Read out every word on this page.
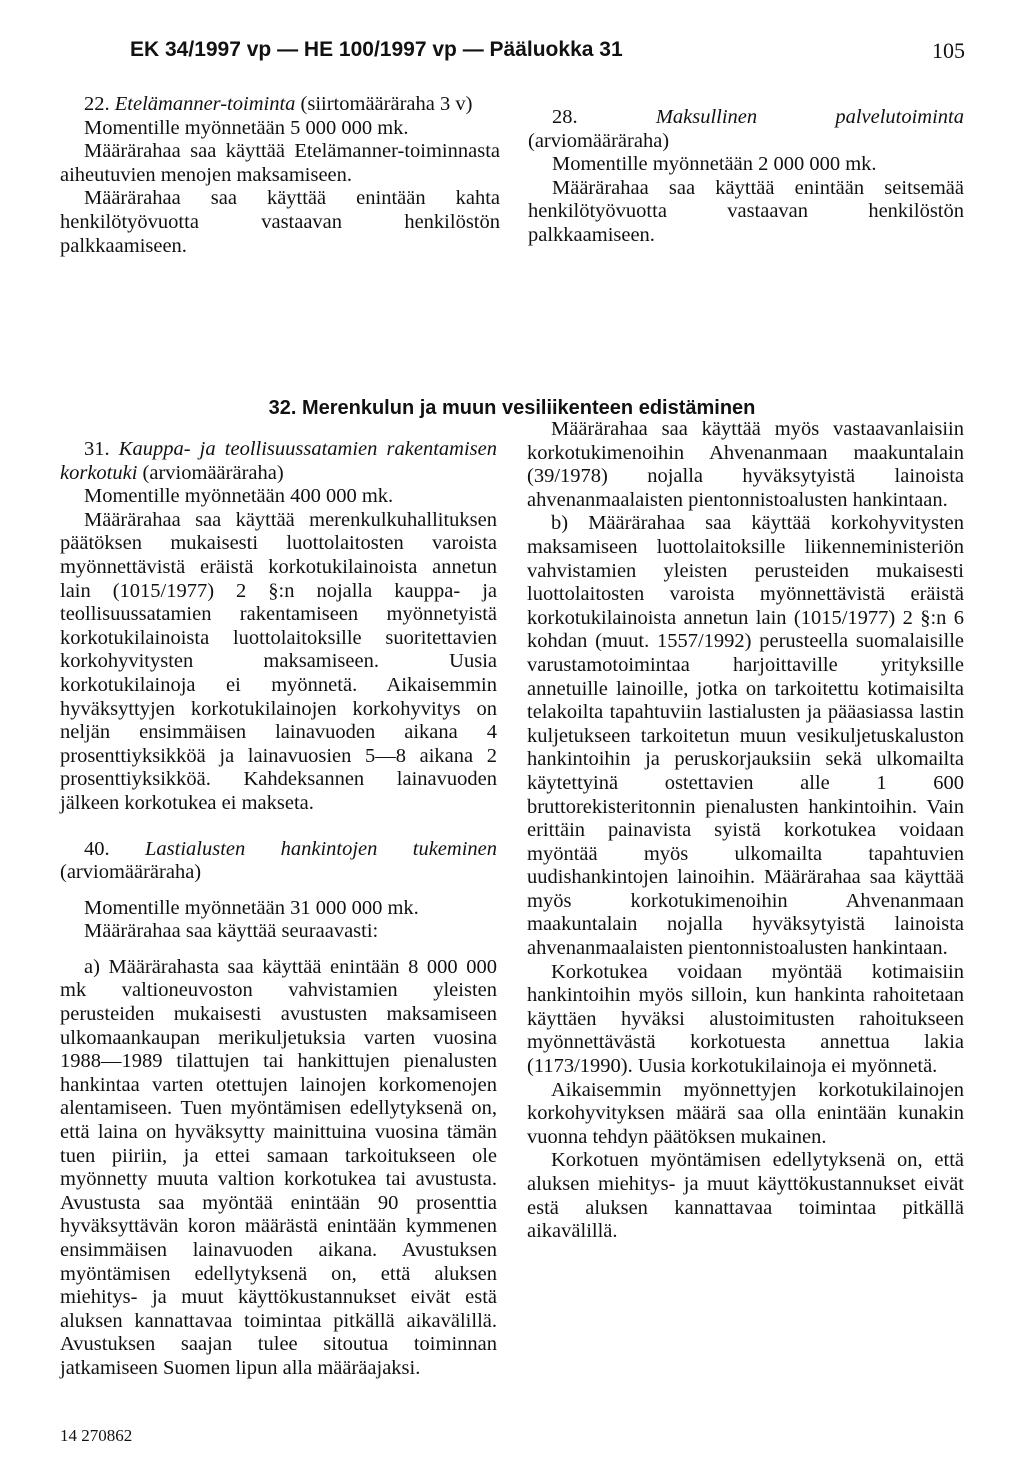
EK 34/1997 vp — HE 100/1997 vp — Pääluokka 31	105

22. Etelämanner-toiminta (siirtomääräraha 3 v)

Momentille myönnetään 5 000 000 mk.

Määrärahaa saa käyttää Etelämanner-toiminnasta aiheutuvien menojen maksamiseen.

Määrärahaa saa käyttää enintään kahta henkilötyövuotta vastaavan henkilöstön palkkaamiseen.

28.	Maksullinen palvelutoiminta (arviomääräraha)

Momentille myönnetään 2 000 000 mk.

Määrärahaa saa käyttää enintään seitsemää henkilötyövuotta vastaavan henkilöstön palkkaamiseen.

32. Merenkulun ja muun vesiliikenteen edistäminen

31. Kauppa- ja teollisuussatamien rakentamisen korkotuki (arviomääräraha)

Momentille myönnetään 400 000 mk.

Määrärahaa saa käyttää merenkulkuhallituksen päätöksen mukaisesti luottolaitosten varoista myönnettävistä eräistä korkotukilainoista annetun lain (1015/1977) 2 §:n nojalla kauppa- ja teollisuussatamien rakentamiseen myönnetyistä korkotukilainoista luottolaitoksille suoritettavien korkohyvitysten maksamiseen. Uusia korkotukilainoja ei myönnetä. Aikaisemmin hyväksyttyjen korkotukilainojen korkohyvitys on neljän ensimmäisen lainavuoden aikana 4 prosenttiyksikköä ja lainavuosien 5—8 aikana 2 prosenttiyksikköä. Kahdeksannen lainavuoden jälkeen korkotukea ei makseta.

40. Lastialusten hankintojen tukeminen (arviomääräraha)

Momentille myönnetään 31 000 000 mk.

Määrärahaa saa käyttää seuraavasti:

a) Määrärahasta saa käyttää enintään 8 000 000 mk valtioneuvoston vahvistamien yleisten perusteiden mukaisesti avustusten maksamiseen ulkomaankaupan merikuljetuksia varten vuosina 1988—1989 tilattujen tai hankittujen pienalusten hankintaa varten otettujen lainojen korkomenojen alentamiseen. Tuen myöntämisen edellytyksenä on, että laina on hyväksytty mainittuina vuosina tämän tuen piiriin, ja ettei samaan tarkoitukseen ole myönnetty muuta valtion korkotukea tai avustusta. Avustusta saa myöntää enintään 90 prosenttia hyväksyttävän koron määrästä enintään kymmenen ensimmäisen lainavuoden aikana. Avustuksen myöntämisen edellytyksenä on, että aluksen miehitys- ja muut käyttökustannukset eivät estä aluksen kannattavaa toimintaa pitkällä aikavälillä. Avustuksen saajan tulee sitoutua toiminnan jatkamiseen Suomen lipun alla määräajaksi.

Määrärahaa saa käyttää myös vastaavanlaisiin korkotukimenoihin Ahvenanmaan maakuntalain (39/1978) nojalla hyväksytyistä lainoista ahvenanmaalaisten pientonnistoalusten hankintaan.

b) Määrärahaa saa käyttää korkohyvitysten maksamiseen luottolaitoksille liikenneministeriön vahvistamien yleisten perusteiden mukaisesti luottolaitosten varoista myönnettävistä eräistä korkotukilainoista annetun lain (1015/1977) 2 §:n 6 kohdan (muut. 1557/1992) perusteella suomalaisille varustamotoimintaa harjoittaville yrityksille annetuille lainoille, jotka on tarkoitettu kotimaisilta telakoilta tapahtuviin lastialusten ja pääasiassa lastin kuljetukseen tarkoitetun muun vesikuljetuskaluston hankintoihin ja peruskorjauksiin sekä ulkomailta käytettyinä ostettavien alle 1 600 bruttorekisteritonnin pienalusten hankintoihin. Vain erittäin painavista syistä korkotukea voidaan myöntää myös ulkomailta tapahtuvien uudishankintojen lainoihin. Määrärahaa saa käyttää myös korkotukimenoihin Ahvenanmaan maakuntalain nojalla hyväksytyistä lainoista ahvenanmaalaisten pientonnistoalusten hankintaan.

Korkotukea voidaan myöntää kotimaisiin hankintoihin myös silloin, kun hankinta rahoitetaan käyttäen hyväksi alustoimitusten rahoitukseen myönnettävästä korkotuesta annettua lakia (1173/1990). Uusia korkotukilainoja ei myönnetä.

Aikaisemmin myönnettyjen korkotukilainojen korkohyvityksen määrä saa olla enintään kunakin vuonna tehdyn päätöksen mukainen.

Korkotuen myöntämisen edellytyksenä on, että aluksen miehitys- ja muut käyttökustannukset eivät estä aluksen kannattavaa toimintaa pitkällä aikavälillä.

14 270862
